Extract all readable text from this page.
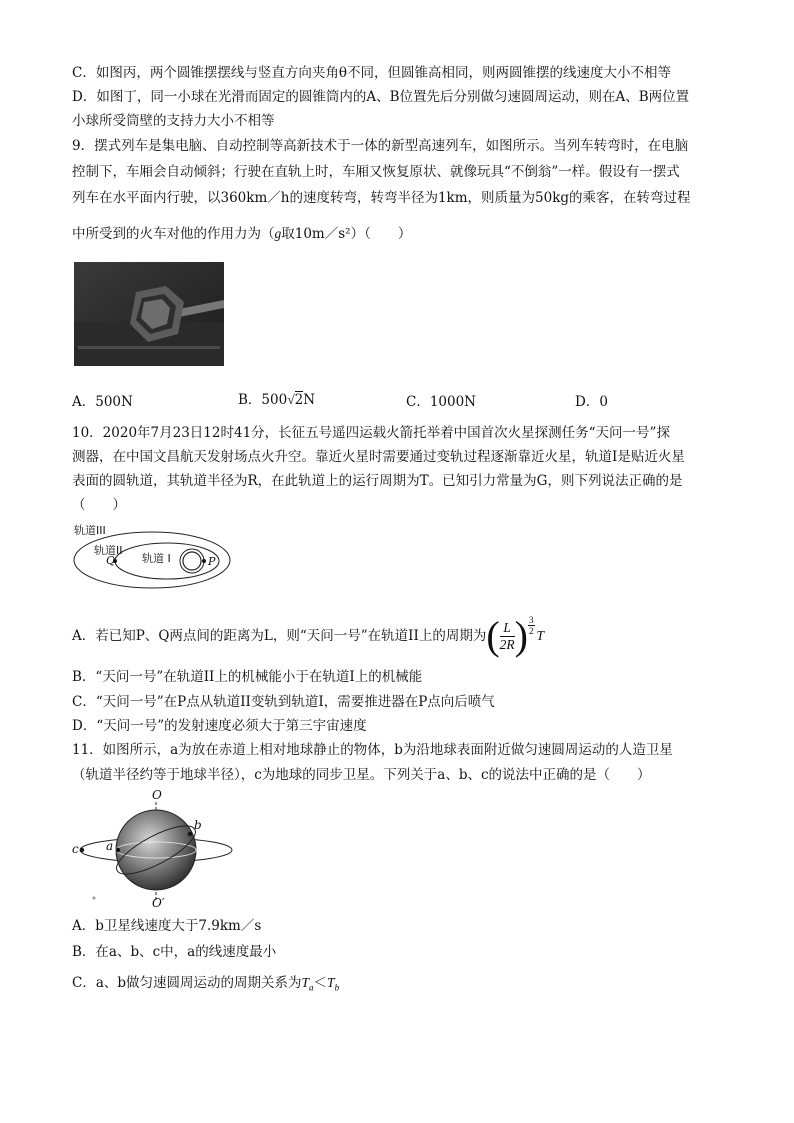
C．如图丙，两个圆锥摆摆线与竖直方向夹角θ不同，但圆锥高相同，则两圆锥摆的线速度大小不相等
D．如图丁，同一小球在光滑而固定的圆锥筒内的A、B位置先后分别做匀速圆周运动，则在A、B两位置
小球所受筒壁的支持力大小不相等
9．摆式列车是集电脑、自动控制等高新技术于一体的新型高速列车，如图所示。当列车转弯时，在电脑
控制下，车厢会自动倾斜；行驶在直轨上时，车厢又恢复原状、就像玩具“不倒翁”一样。假设有一摆式
列车在水平面内行驶，以360km／h的速度转弯，转弯半径为1km，则质量为50kg的乘客，在转弯过程
中所受到的火车对他的作用力为（g取10m／s²）（　　）
A．500N	B．500√2N	C．1000N	D．0
10．2020年7月23日12时41分，长征五号遥四运载火箭托举着中国首次火星探测任务“天问一号”探
测器，在中国文昌航天发射场点火升空。靠近火星时需要通过变轨过程逐渐靠近火星，轨道I是贴近火星
表面的圆轨道，其轨道半径为R，在此轨道上的运行周期为T。已知引力常量为G，则下列说法正确的是
（　　）
轨道III
轨道II
轨道 I
Q	P
A．若已知P、Q两点间的距离为L，则“天问一号”在轨道II上的周期为 ( $\frac{L}{2R}$ ) $\frac{3}{2}$ T
B．“天问一号”在轨道II上的机械能小于在轨道I上的机械能
C．“天问一号”在P点从轨道II变轨到轨道I，需要推进器在P点向后喷气
D．“天问一号”的发射速度必须大于第三宇宙速度
11．如图所示，a为放在赤道上相对地球静止的物体，b为沿地球表面附近做匀速圆周运动的人造卫星
（轨道半径约等于地球半径），c为地球的同步卫星。下列关于a、b、c的说法中正确的是（　　）
O
O′
a
b
c
A．b卫星线速度大于7.9km／s
B．在a、b、c中，a的线速度最小
C．a、b做匀速圆周运动的周期关系为$T_a<T_b$
